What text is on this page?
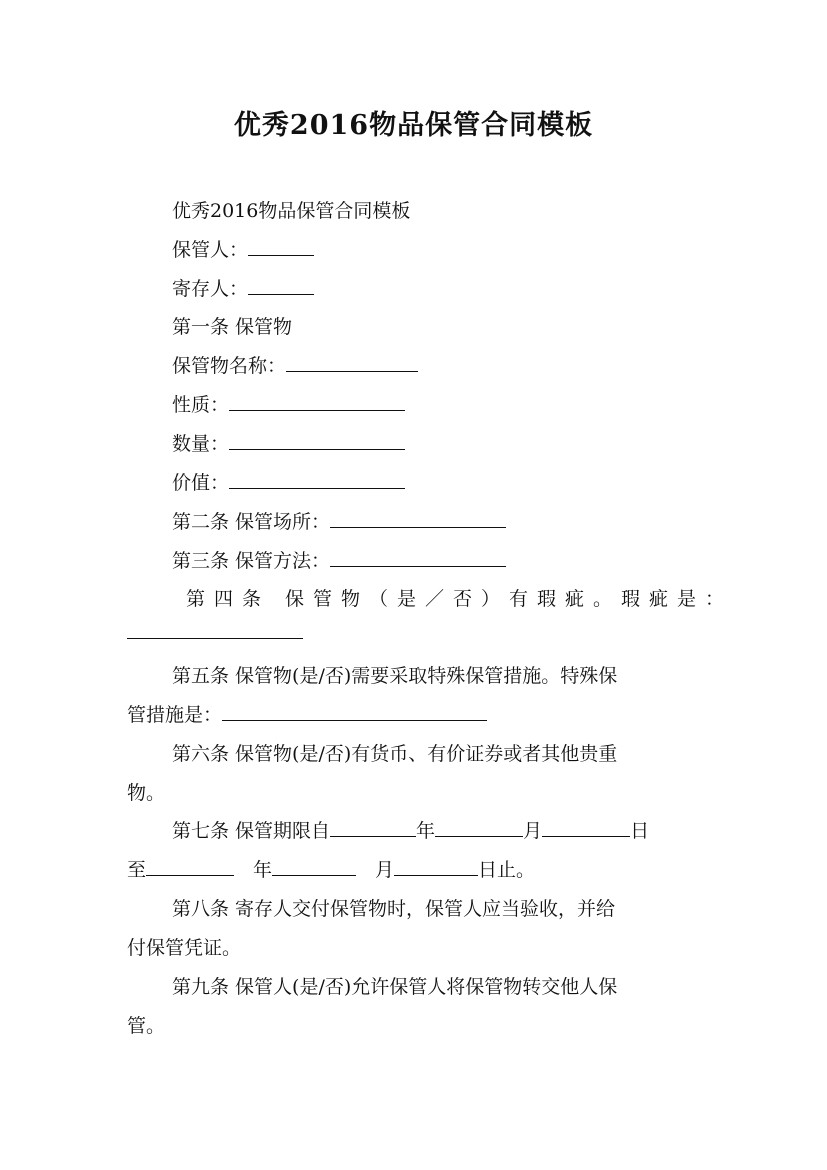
优秀2016物品保管合同模板
优秀2016物品保管合同模板
保管人：
寄存人：
第一条 保管物
保管物名称：
性质：
数量：
价值：
第二条 保管场所：
第三条 保管方法：
第四条 保管物（是／否）有瑕疵。瑕疵是：
第五条 保管物(是/否)需要采取特殊保管措施。特殊保
管措施是：
第六条 保管物(是/否)有货币、有价证券或者其他贵重
物。
第七条 保管期限自	年	月	日
至 	年 	月	日止。
第八条 寄存人交付保管物时，保管人应当验收，并给
付保管凭证。
第九条 保管人(是/否)允许保管人将保管物转交他人保
管。
